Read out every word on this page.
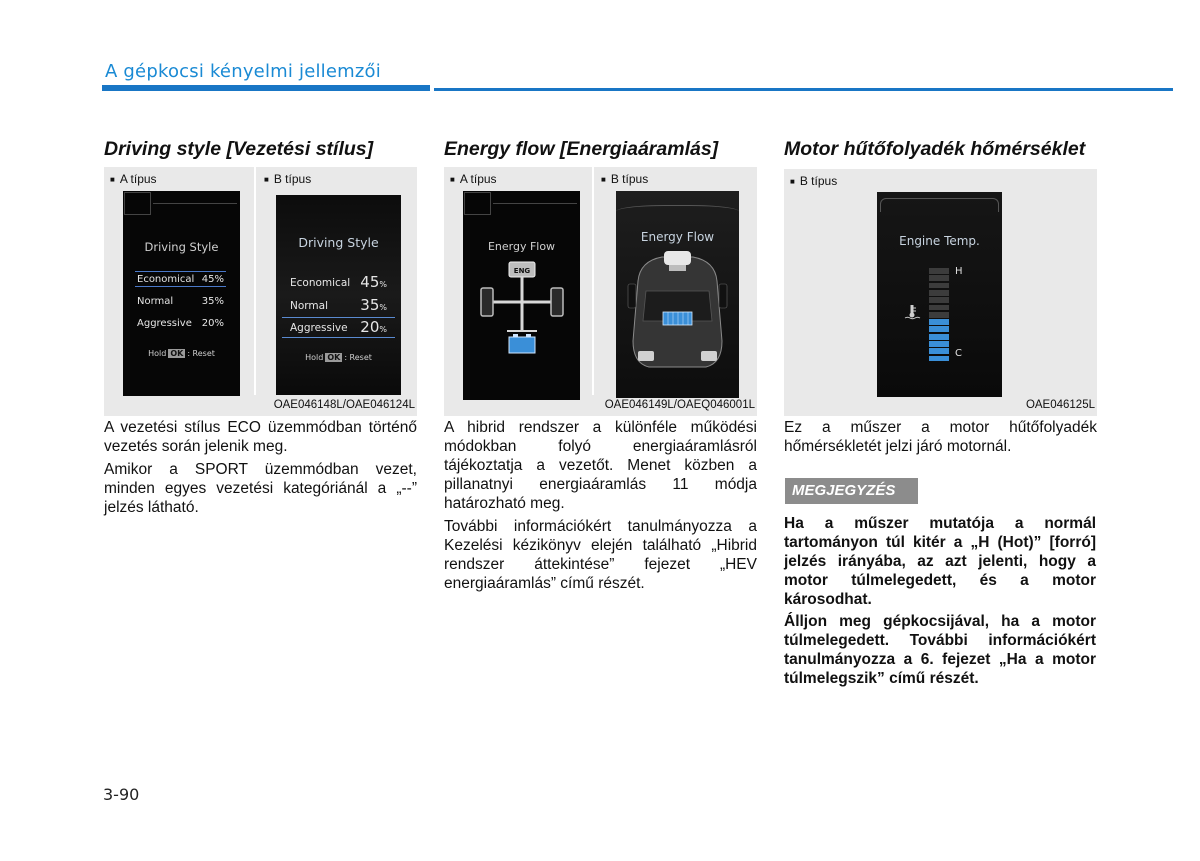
A gépkocsi kényelmi jellemzői
Driving style [Vezetési stílus]
■ A típus	■ B típus
Driving Style
Economical 45%
Normal	35%
Aggressive 20%
Hold OK : Reset
Driving Style
Economical 45%
Normal 35%
Aggressive 20%
Hold OK : Reset
OAE046148L/OAE046124L

A vezetési stílus ECO üzemmódban történő vezetés során jelenik meg.

Amikor a SPORT üzemmódban vezet, minden egyes vezetési kategóriánál a „--” jelzés látható.

Energy flow [Energiaáramlás]
■ A típus	■ B típus
Energy Flow
ENG
Energy Flow
OAE046149L/OAEQ046001L

A hibrid rendszer a különféle működési módokban folyó energiaáramlásról tájékoztatja a vezetőt. Menet közben a pillanatnyi energiaáramlás 11 módja határozható meg.

További információkért tanulmányozza a Kezelési kézikönyv elején található „Hibrid rendszer áttekintése” fejezet „HEV energiaáramlás” című részét.

Motor hűtőfolyadék hőmérséklet
■ B típus
Engine Temp.
H
C
OAE046125L

Ez a műszer a motor hűtőfolyadék hőmérsékletét jelzi járó motornál.

MEGJEGYZÉS

Ha a műszer mutatója a normál tartományon túl kitér a „H (Hot)” [forró] jelzés irányába, az azt jelenti, hogy a motor túlmelegedett, és a motor károsodhat.

Álljon meg gépkocsijával, ha a motor túlmelegedett. További információkért tanulmányozza a 6. fejezet „Ha a motor túlmelegszik” című részét.

3-90
